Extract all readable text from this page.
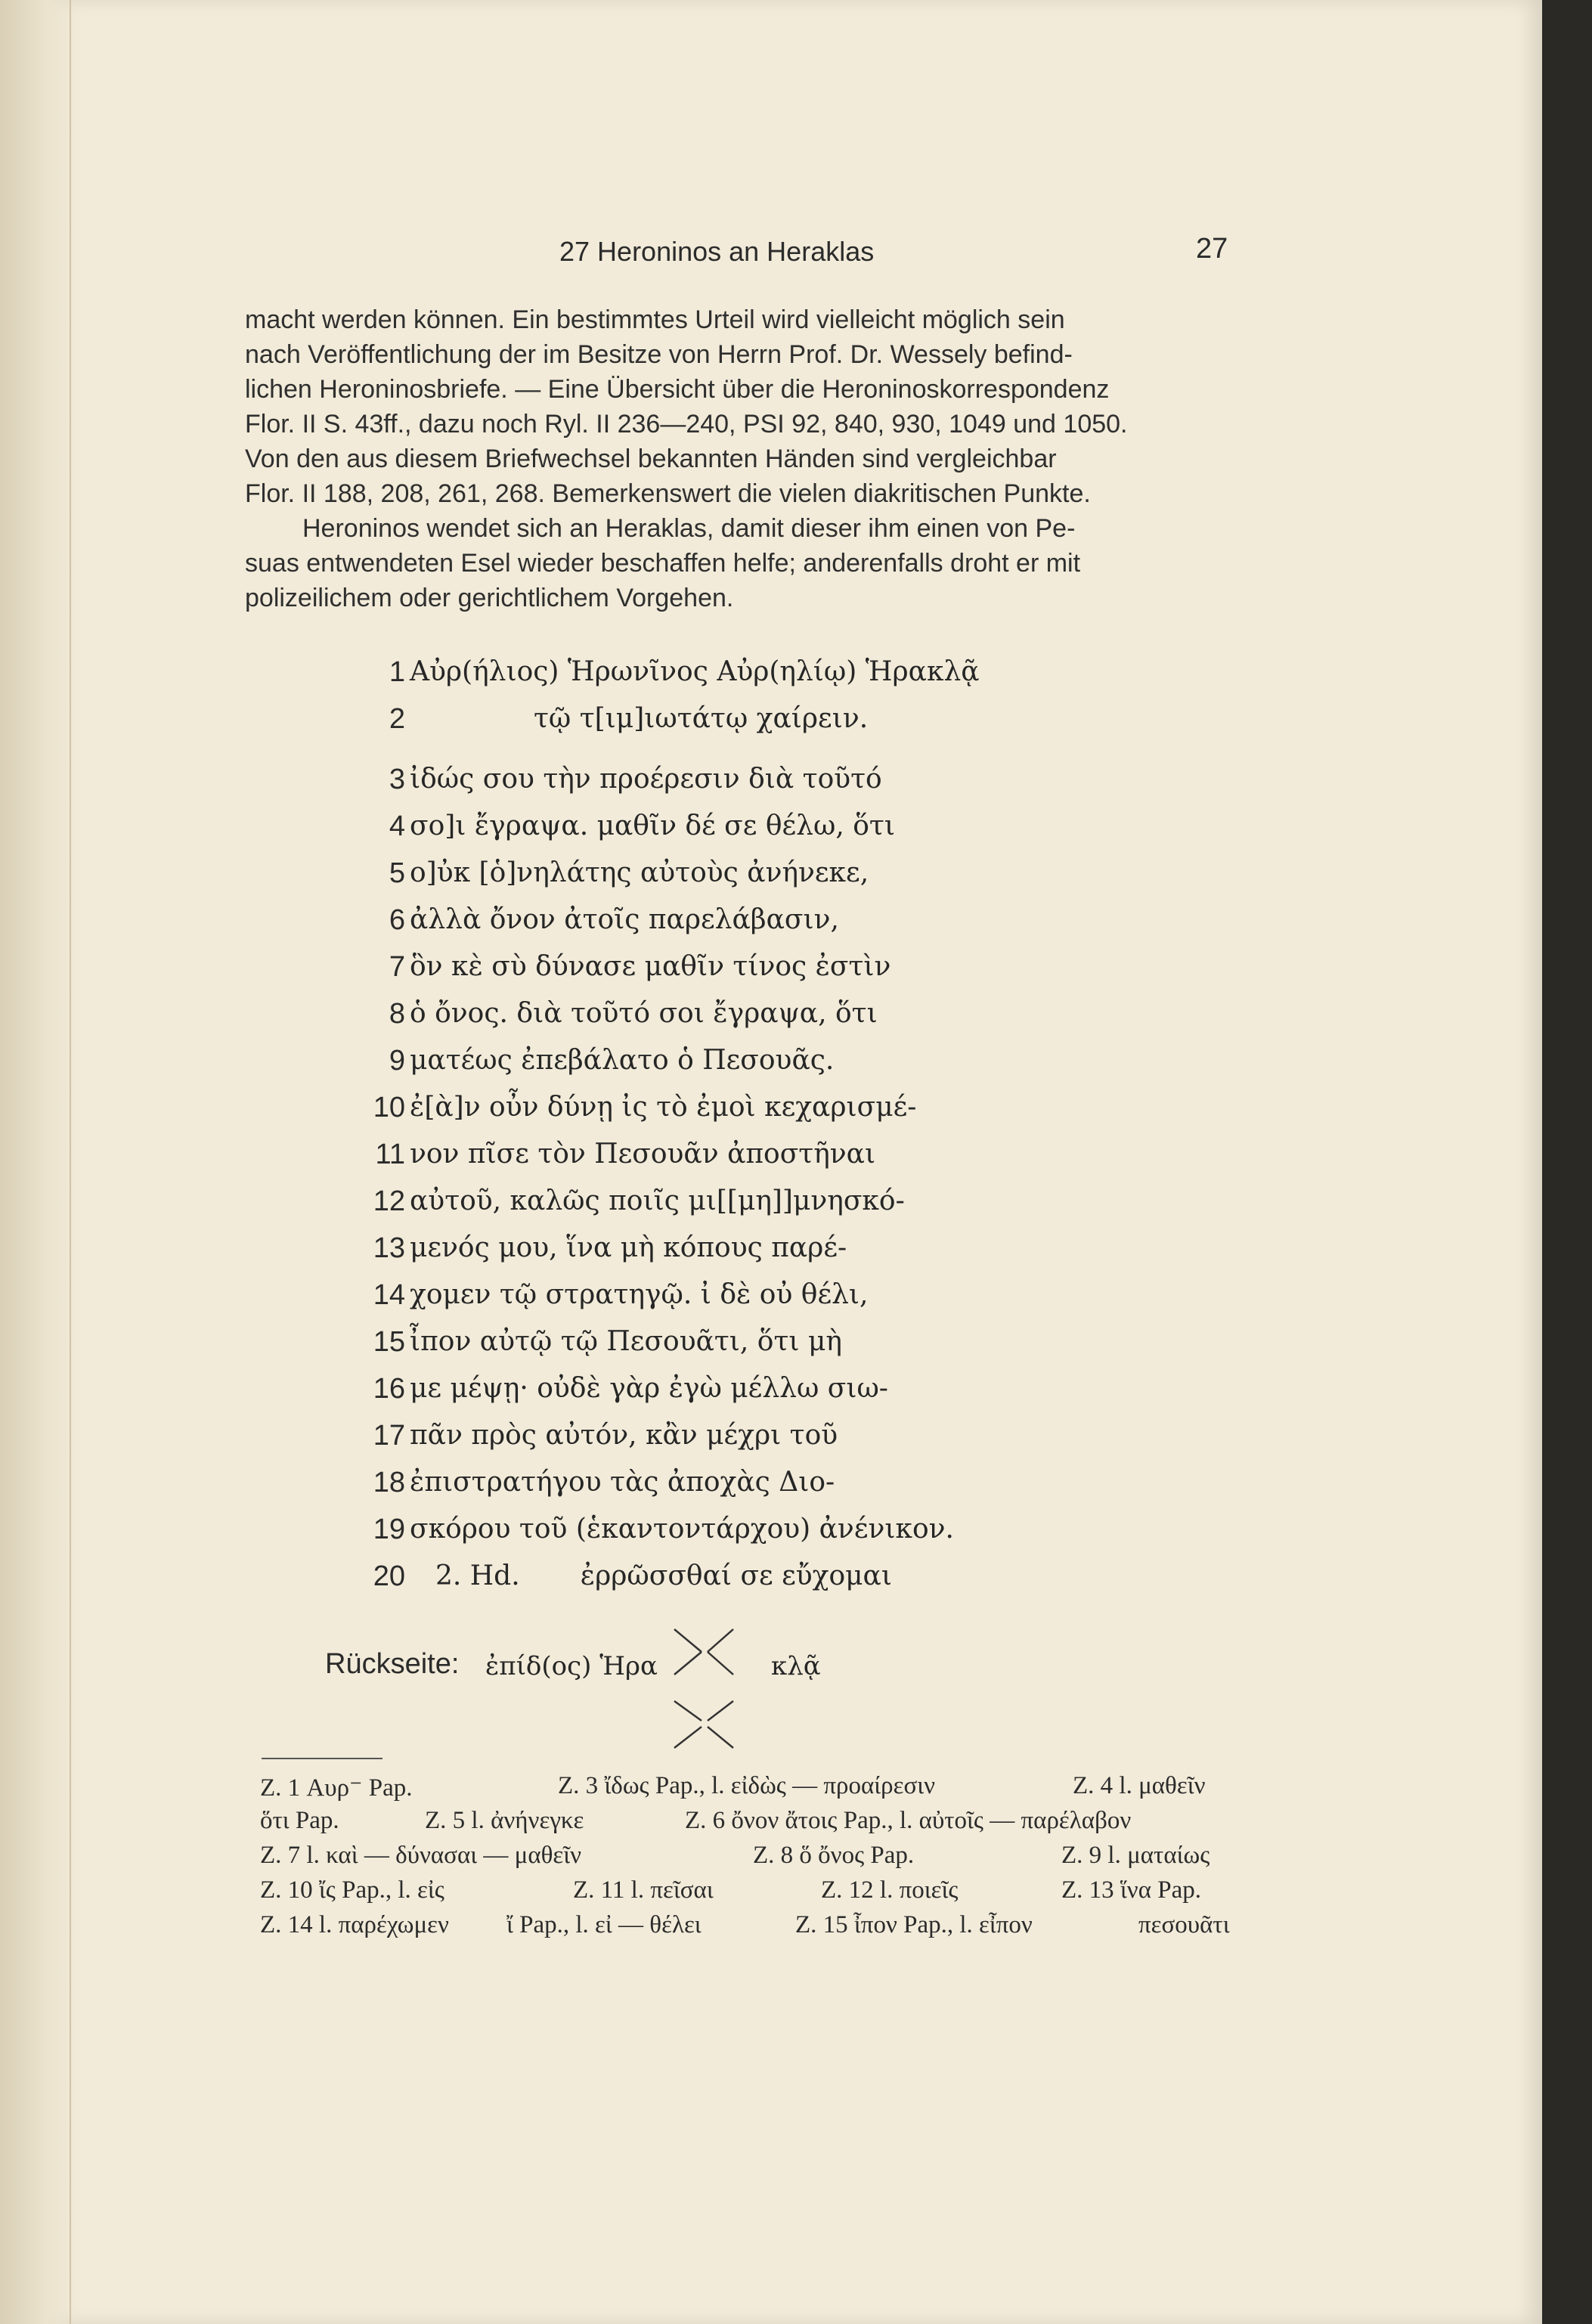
27 Heroninos an Heraklas	27
macht werden können. Ein bestimmtes Urteil wird vielleicht möglich sein
nach Veröffentlichung der im Besitze von Herrn Prof. Dr. Wessely befind-
lichen Heroninosbriefe. — Eine Übersicht über die Heroninoskorrespondenz
Flor. II S. 43ff., dazu noch Ryl. II 236—240, PSI 92, 840, 930, 1049 und 1050.
Von den aus diesem Briefwechsel bekannten Händen sind vergleichbar
Flor. II 188, 208, 261, 268. Bemerkenswert die vielen diakritischen Punkte.
Heroninos wendet sich an Heraklas, damit dieser ihm einen von Pe-
suas entwendeten Esel wieder beschaffen helfe; anderenfalls droht er mit
polizeilichem oder gerichtlichem Vorgehen.
1 Αὐρ(ήλιος) Ἡρωνῖνος Αὐρ(ηλίῳ) Ἡρακλᾷ
2	τῷ τ[ιμ]ιωτάτῳ χαίρειν.
3 ἰδώς σου τὴν προέρεσιν διὰ τοῦτό
4 σο]ι ἔγραψα. μαθῖν δέ σε θέλω, ὅτι
5 ο]ὐκ [ὁ]νηλάτης αὐτοὺς ἀνήνεκε,
6 ἀλλὰ ὄνον ἀτοῖς παρελάβασιν,
7 ὃν κὲ σὺ δύνασε μαθῖν τίνος ἐστὶν
8 ὁ ὄνος. διὰ τοῦτό σοι ἔγραψα, ὅτι
9 ματέως ἐπεβάλατο ὁ Πεσουᾶς.
10 ἐ[ὰ]ν οὖν δύνῃ ἰς τὸ ἐμοὶ κεχαρισμέ-
11 νον πῖσε τὸν Πεσουᾶν ἀποστῆναι
12 αὐτοῦ, καλῶς ποιῖς μι[[μη]]μνησκό-
13 μενός μου, ἵνα μὴ κόπους παρέ-
14 χομεν τῷ στρατηγῷ. ἰ δὲ οὐ θέλι,
15 ἶπον αὐτῷ τῷ Πεσουᾶτι, ὅτι μὴ
16 με μέψῃ· οὐδὲ γὰρ ἐγὼ μέλλω σιω-
17 πᾶν πρὸς αὐτόν, κἂν μέχρι τοῦ
18 ἐπιστρατήγου τὰς ἀποχὰς Διο-
19 σκόρου τοῦ (ἑκαντοντάρχου) ἀνένικον.
20 2. Hd.       ἐρρῶσσθαί σε εὔχομαι
Rückseite: ἐπίδ(ος) Ἡρα	κλᾷ
Z. 1 Αυρ⁻ Pap.	Z. 3 ἴδως Pap., l. εἰδὼς — προαίρεσιν	Z. 4 l. μαθεῖν
ὅτι Pap.	Z. 5 l. ἀνήνεγκε	Z. 6 ὄνον ἄτοις Pap., l. αὐτοῖς — παρέλαβον
Z. 7 l. καὶ — δύνασαι — μαθεῖν	Z. 8 ὅ ὄνος Pap.	Z. 9 l. ματαίως
Z. 10 ἴς Pap., l. εἰς	Z. 11 l. πεῖσαι	Z. 12 l. ποιεῖς	Z. 13 ἵνα Pap.
Z. 14 l. παρέχωμεν ἴ Pap., l. εἰ — θέλει	Z. 15 ἶπον Pap., l. εἶπον	πεσουᾶτι
